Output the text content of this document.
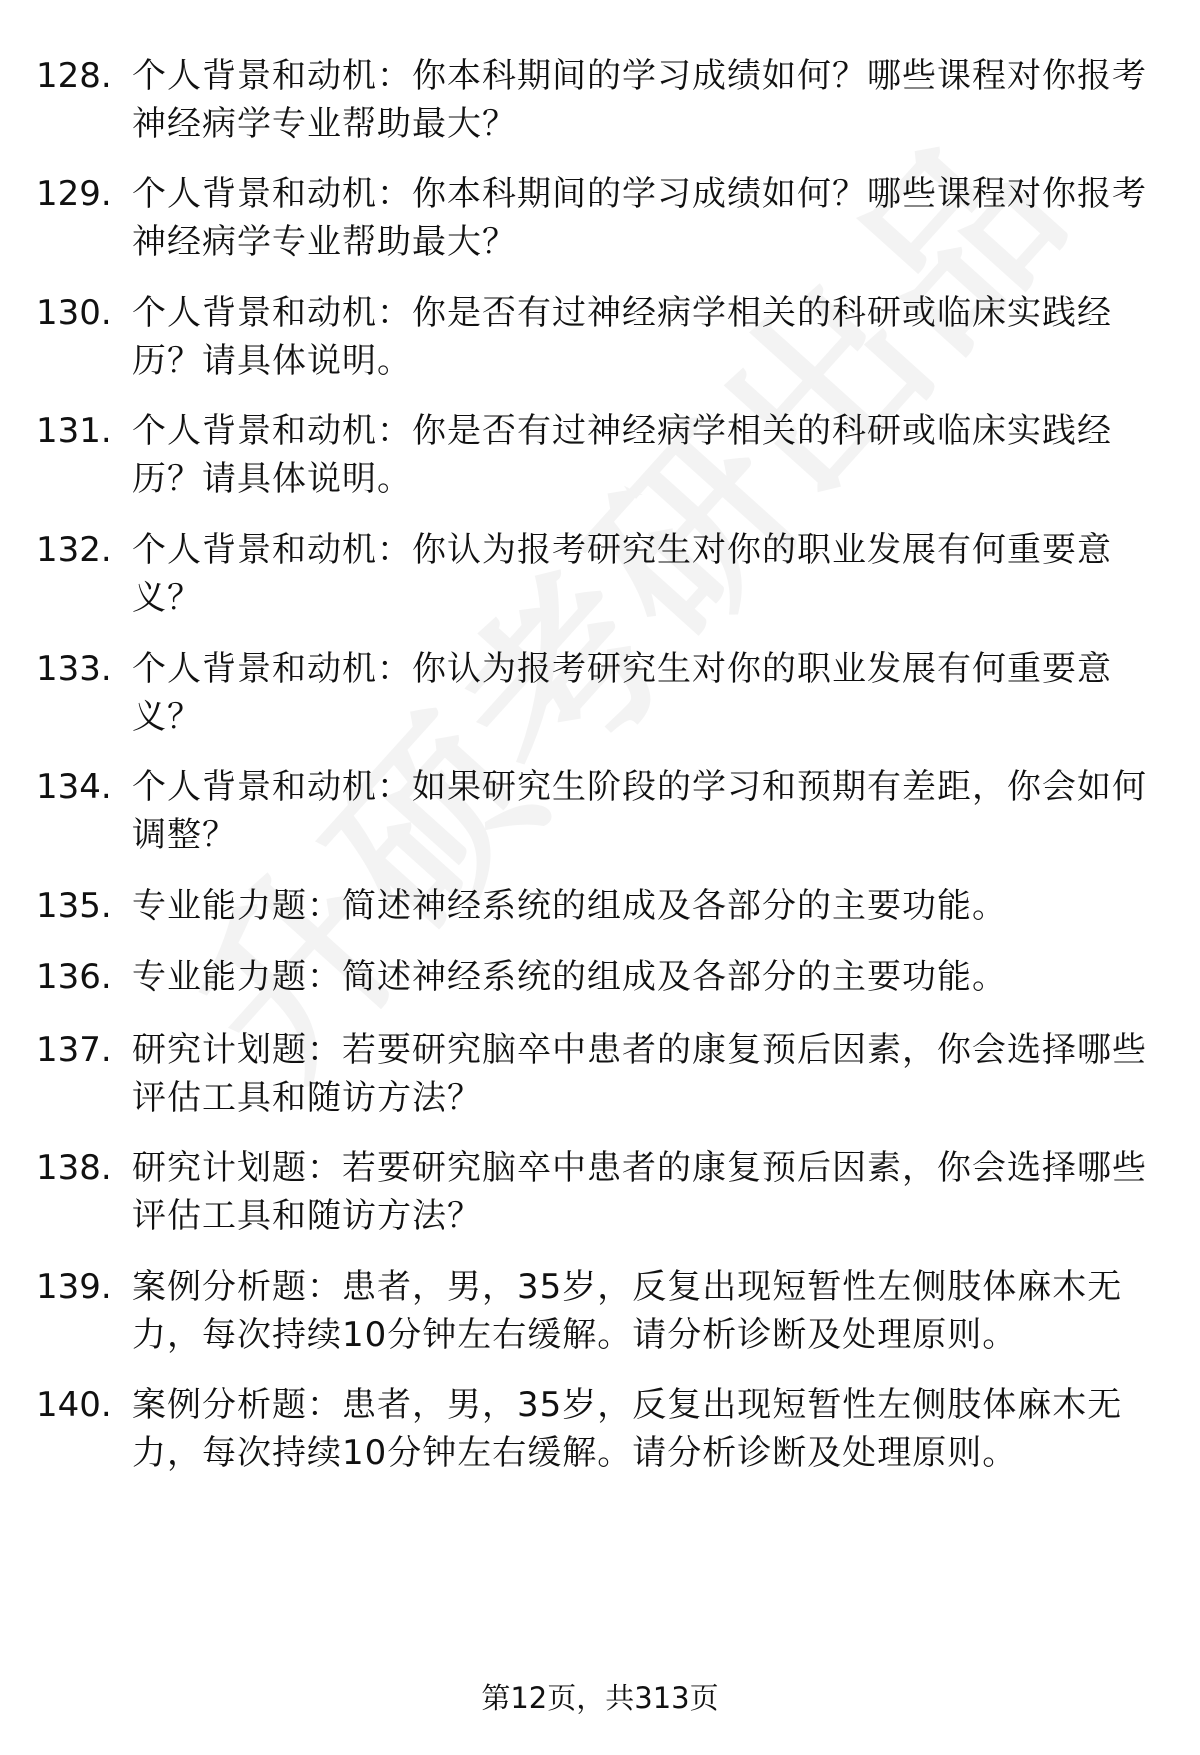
128. 个人背景和动机：你本科期间的学习成绩如何？哪些课程对你报考神经病学专业帮助最大？
129. 个人背景和动机：你本科期间的学习成绩如何？哪些课程对你报考神经病学专业帮助最大？
130. 个人背景和动机：你是否有过神经病学相关的科研或临床实践经历？请具体说明。
131. 个人背景和动机：你是否有过神经病学相关的科研或临床实践经历？请具体说明。
132. 个人背景和动机：你认为报考研究生对你的职业发展有何重要意义？
133. 个人背景和动机：你认为报考研究生对你的职业发展有何重要意义？
134. 个人背景和动机：如果研究生阶段的学习和预期有差距，你会如何调整？
135. 专业能力题：简述神经系统的组成及各部分的主要功能。
136. 专业能力题：简述神经系统的组成及各部分的主要功能。
137. 研究计划题：若要研究脑卒中患者的康复预后因素，你会选择哪些评估工具和随访方法？
138. 研究计划题：若要研究脑卒中患者的康复预后因素，你会选择哪些评估工具和随访方法？
139. 案例分析题：患者，男，35岁，反复出现短暂性左侧肢体麻木无力，每次持续10分钟左右缓解。请分析诊断及处理原则。
140. 案例分析题：患者，男，35岁，反复出现短暂性左侧肢体麻木无力，每次持续10分钟左右缓解。请分析诊断及处理原则。
第12页，共313页
